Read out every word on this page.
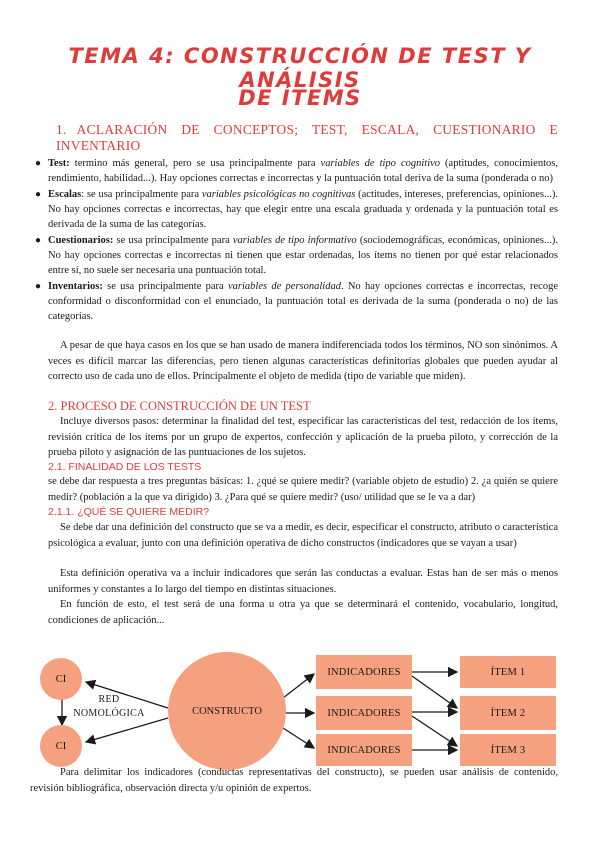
TEMA 4: CONSTRUCCIÓN DE TEST Y ANÁLISIS
DE ÍTEMS
1. ACLARACIÓN DE CONCEPTOS; TEST, ESCALA, CUESTIONARIO E INVENTARIO
● Test: termino más general, pero se usa principalmente para variables de tipo cognitivo (aptitudes, conocimientos, rendimiento, habilidad...). Hay opciones correctas e incorrectas y la puntuación total deriva de la suma (ponderada o no)
● Escalas: se usa principalmente para variables psicológicas no cognitivas (actitudes, intereses, preferencias, opiniones...). No hay opciones correctas e incorrectas, hay que elegir entre una escala graduada y ordenada y la puntuación total es derivada de la suma de las categorías.
● Cuestionarios: se usa principalmente para variables de tipo informativo (sociodemográficas, económicas, opiniones...). No hay opciones correctas e incorrectas ni tienen que estar ordenadas, los ítems no tienen por qué estar relacionados entre sí, no suele ser necesaria una puntuación total.
● Inventarios: se usa principalmente para variables de personalidad. No hay opciones correctas e incorrectas, recoge conformidad o disconformidad con el enunciado, la puntuación total es derivada de la suma (ponderada o no) de las categorías.

A pesar de que haya casos en los que se han usado de manera indiferenciada todos los términos, NO son sinónimos. A veces es difícil marcar las diferencias, pero tienen algunas características definitorias globales que pueden ayudar al correcto uso de cada uno de ellos. Principalmente el objeto de medida (tipo de variable que miden).

2. PROCESO DE CONSTRUCCIÓN DE UN TEST

Incluye diversos pasos: determinar la finalidad del test, especificar las características del test, redacción de los ítems, revisión crítica de los ítems por un grupo de expertos, confección y aplicación de la prueba piloto, y corrección de la prueba piloto y asignación de las puntuaciones de los sujetos.

2.1. FINALIDAD DE LOS TESTS

se debe dar respuesta a tres preguntas básicas: 1. ¿qué se quiere medir? (variable objeto de estudio) 2. ¿a quién se quiere medir? (población a la que va dirigido) 3. ¿Para qué se quiere medir? (uso/ utilidad que se le va a dar)

2.1.1. ¿QUÉ SE QUIERE MEDIR?

Se debe dar una definición del constructo que se va a medir, es decir, especificar el constructo, atributo o característica psicológica a evaluar, junto con una definición operativa de dicho constructos (indicadores que se vayan a usar)

Esta definición operativa va a incluir indicadores que serán las conductas a evaluar. Estas han de ser más o menos uniformes y constantes a lo largo del tiempo en distintas situaciones.

En función de esto, el test será de una forma u otra ya que se determinará el contenido, vocabulario, longitud, condiciones de aplicación...

CI
CI
RED
NOMOLÓGICA	CONSTRUCTO
INDICADORES
INDICADORES
INDICADORES
ÍTEM 1
ÍTEM 2
ÍTEM 3

Para delimitar los indicadores (conductas representativas del constructo), se pueden usar análisis de contenido, revisión bibliográfica, observación directa y/u opinión de expertos.
